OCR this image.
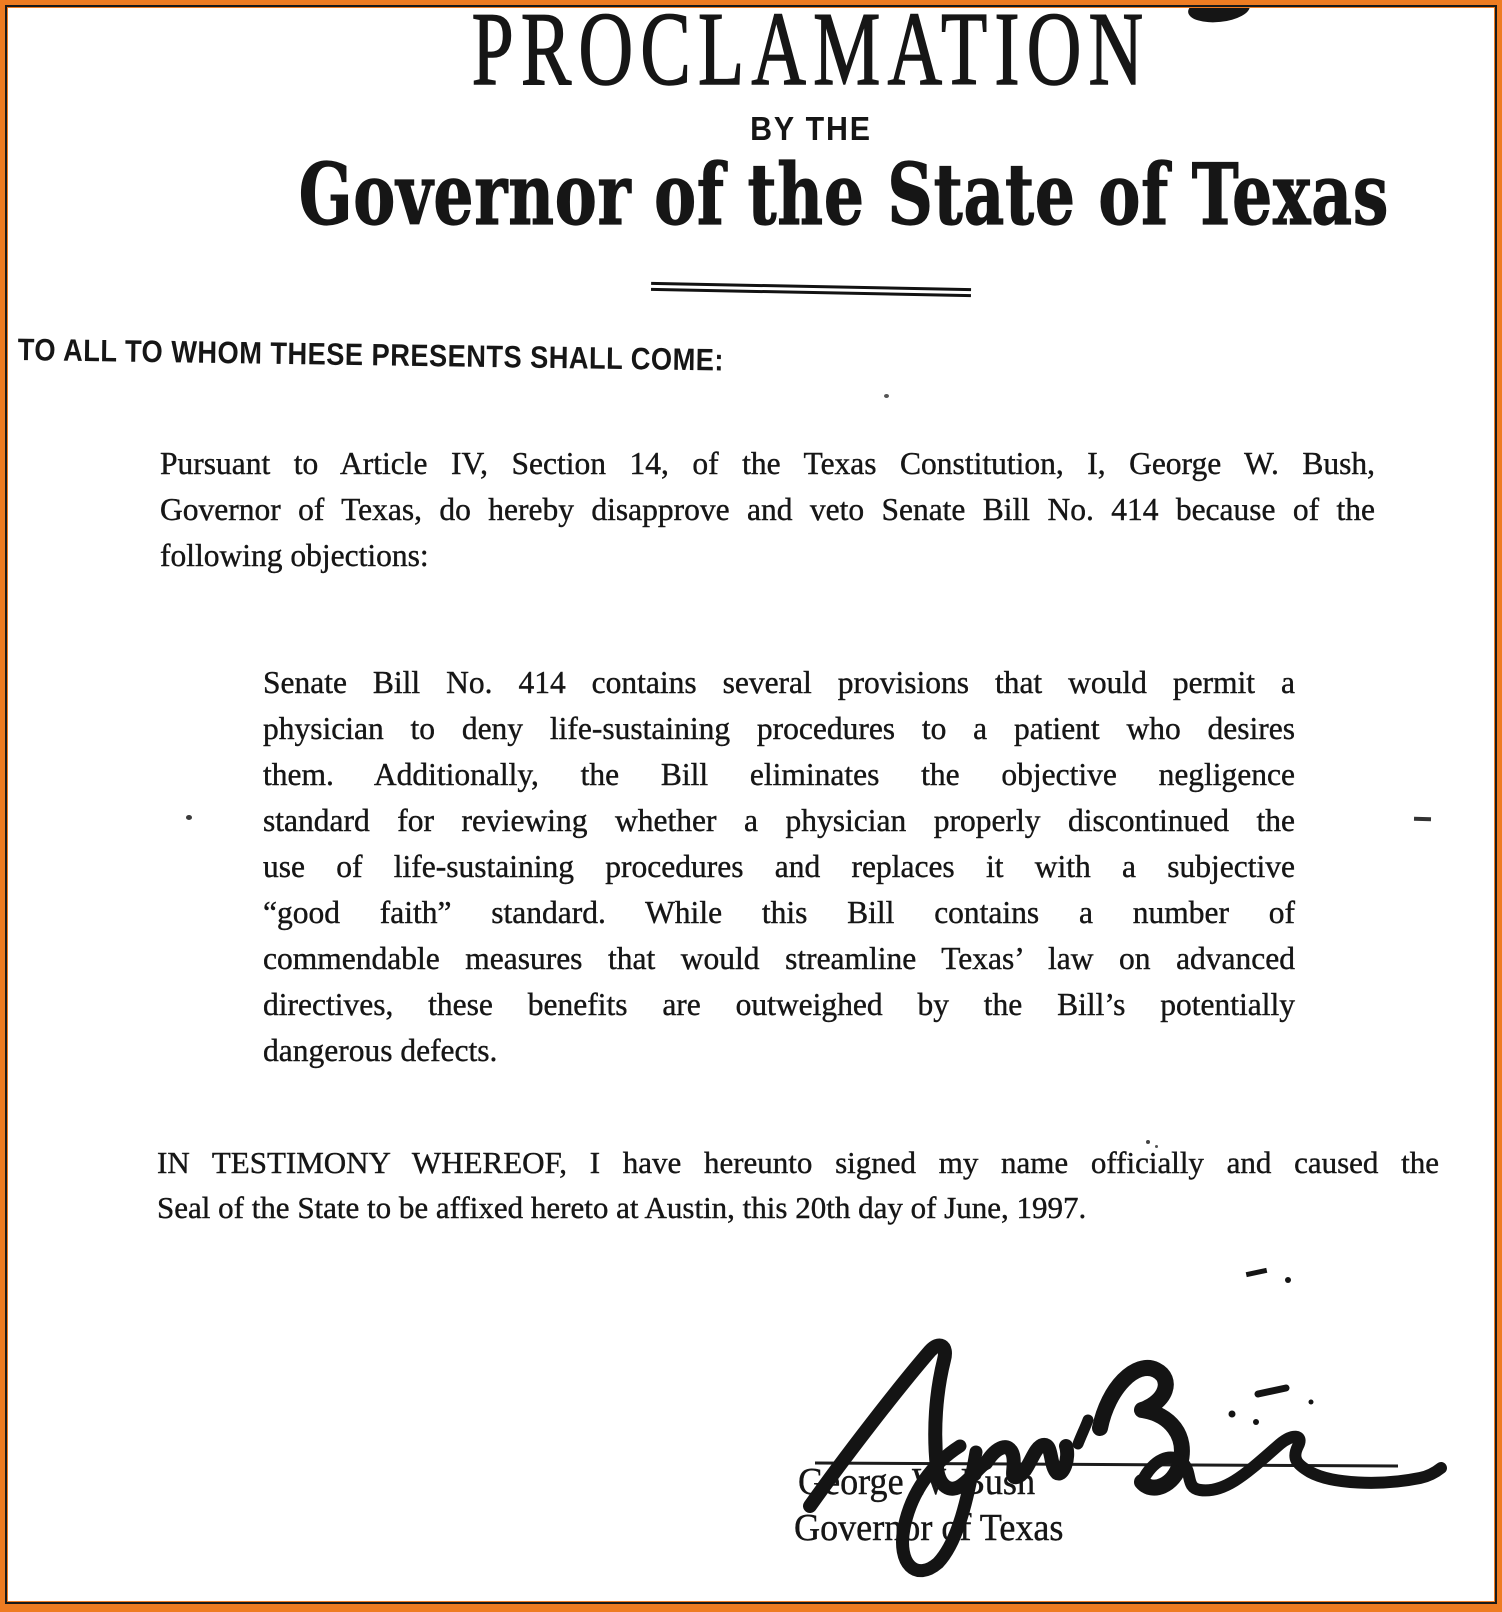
PROCLAMATION
BY THE
Governor of the State of Texas
TO ALL TO WHOM THESE PRESENTS SHALL COME:
Pursuant to Article IV, Section 14, of the Texas Constitution, I, George W. Bush,
Governor of Texas, do hereby disapprove and veto Senate Bill No. 414 because of the
following objections:
Senate Bill No. 414 contains several provisions that would permit a
physician to deny life-sustaining procedures to a patient who desires
them. Additionally, the Bill eliminates the objective negligence
standard for reviewing whether a physician properly discontinued the
use of life-sustaining procedures and replaces it with a subjective
“good faith” standard. While this Bill contains a number of
commendable measures that would streamline Texas’ law on advanced
directives, these benefits are outweighed by the Bill’s potentially
dangerous defects.
IN TESTIMONY WHEREOF, I have hereunto signed my name officially and caused the
Seal of the State to be affixed hereto at Austin, this 20th day of June, 1997.
George W. Bush
Governor of Texas
